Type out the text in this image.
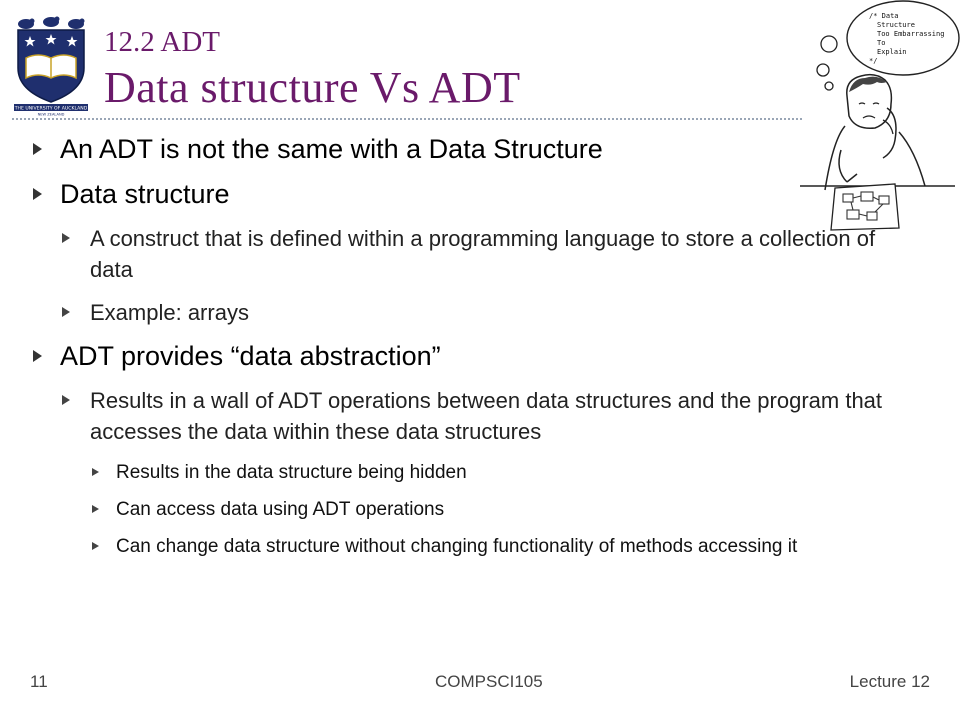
THE UNIVERSITY OF AUCKLAND
NEW ZEALAND
12.2 ADT
Data structure Vs ADT
/* Data
Structure
Too Embarrassing
To
Explain
*/
An ADT is not the same with a Data Structure
Data structure
A construct that is defined within a programming language to store a collection of data
Example: arrays
ADT provides “data abstraction”
Results in a wall of ADT operations between data structures and the program that accesses the data within these data structures
Results in the data structure being hidden
Can access data using ADT operations
Can change data structure without changing functionality of methods accessing it
11	COMPSCI105	Lecture 12
